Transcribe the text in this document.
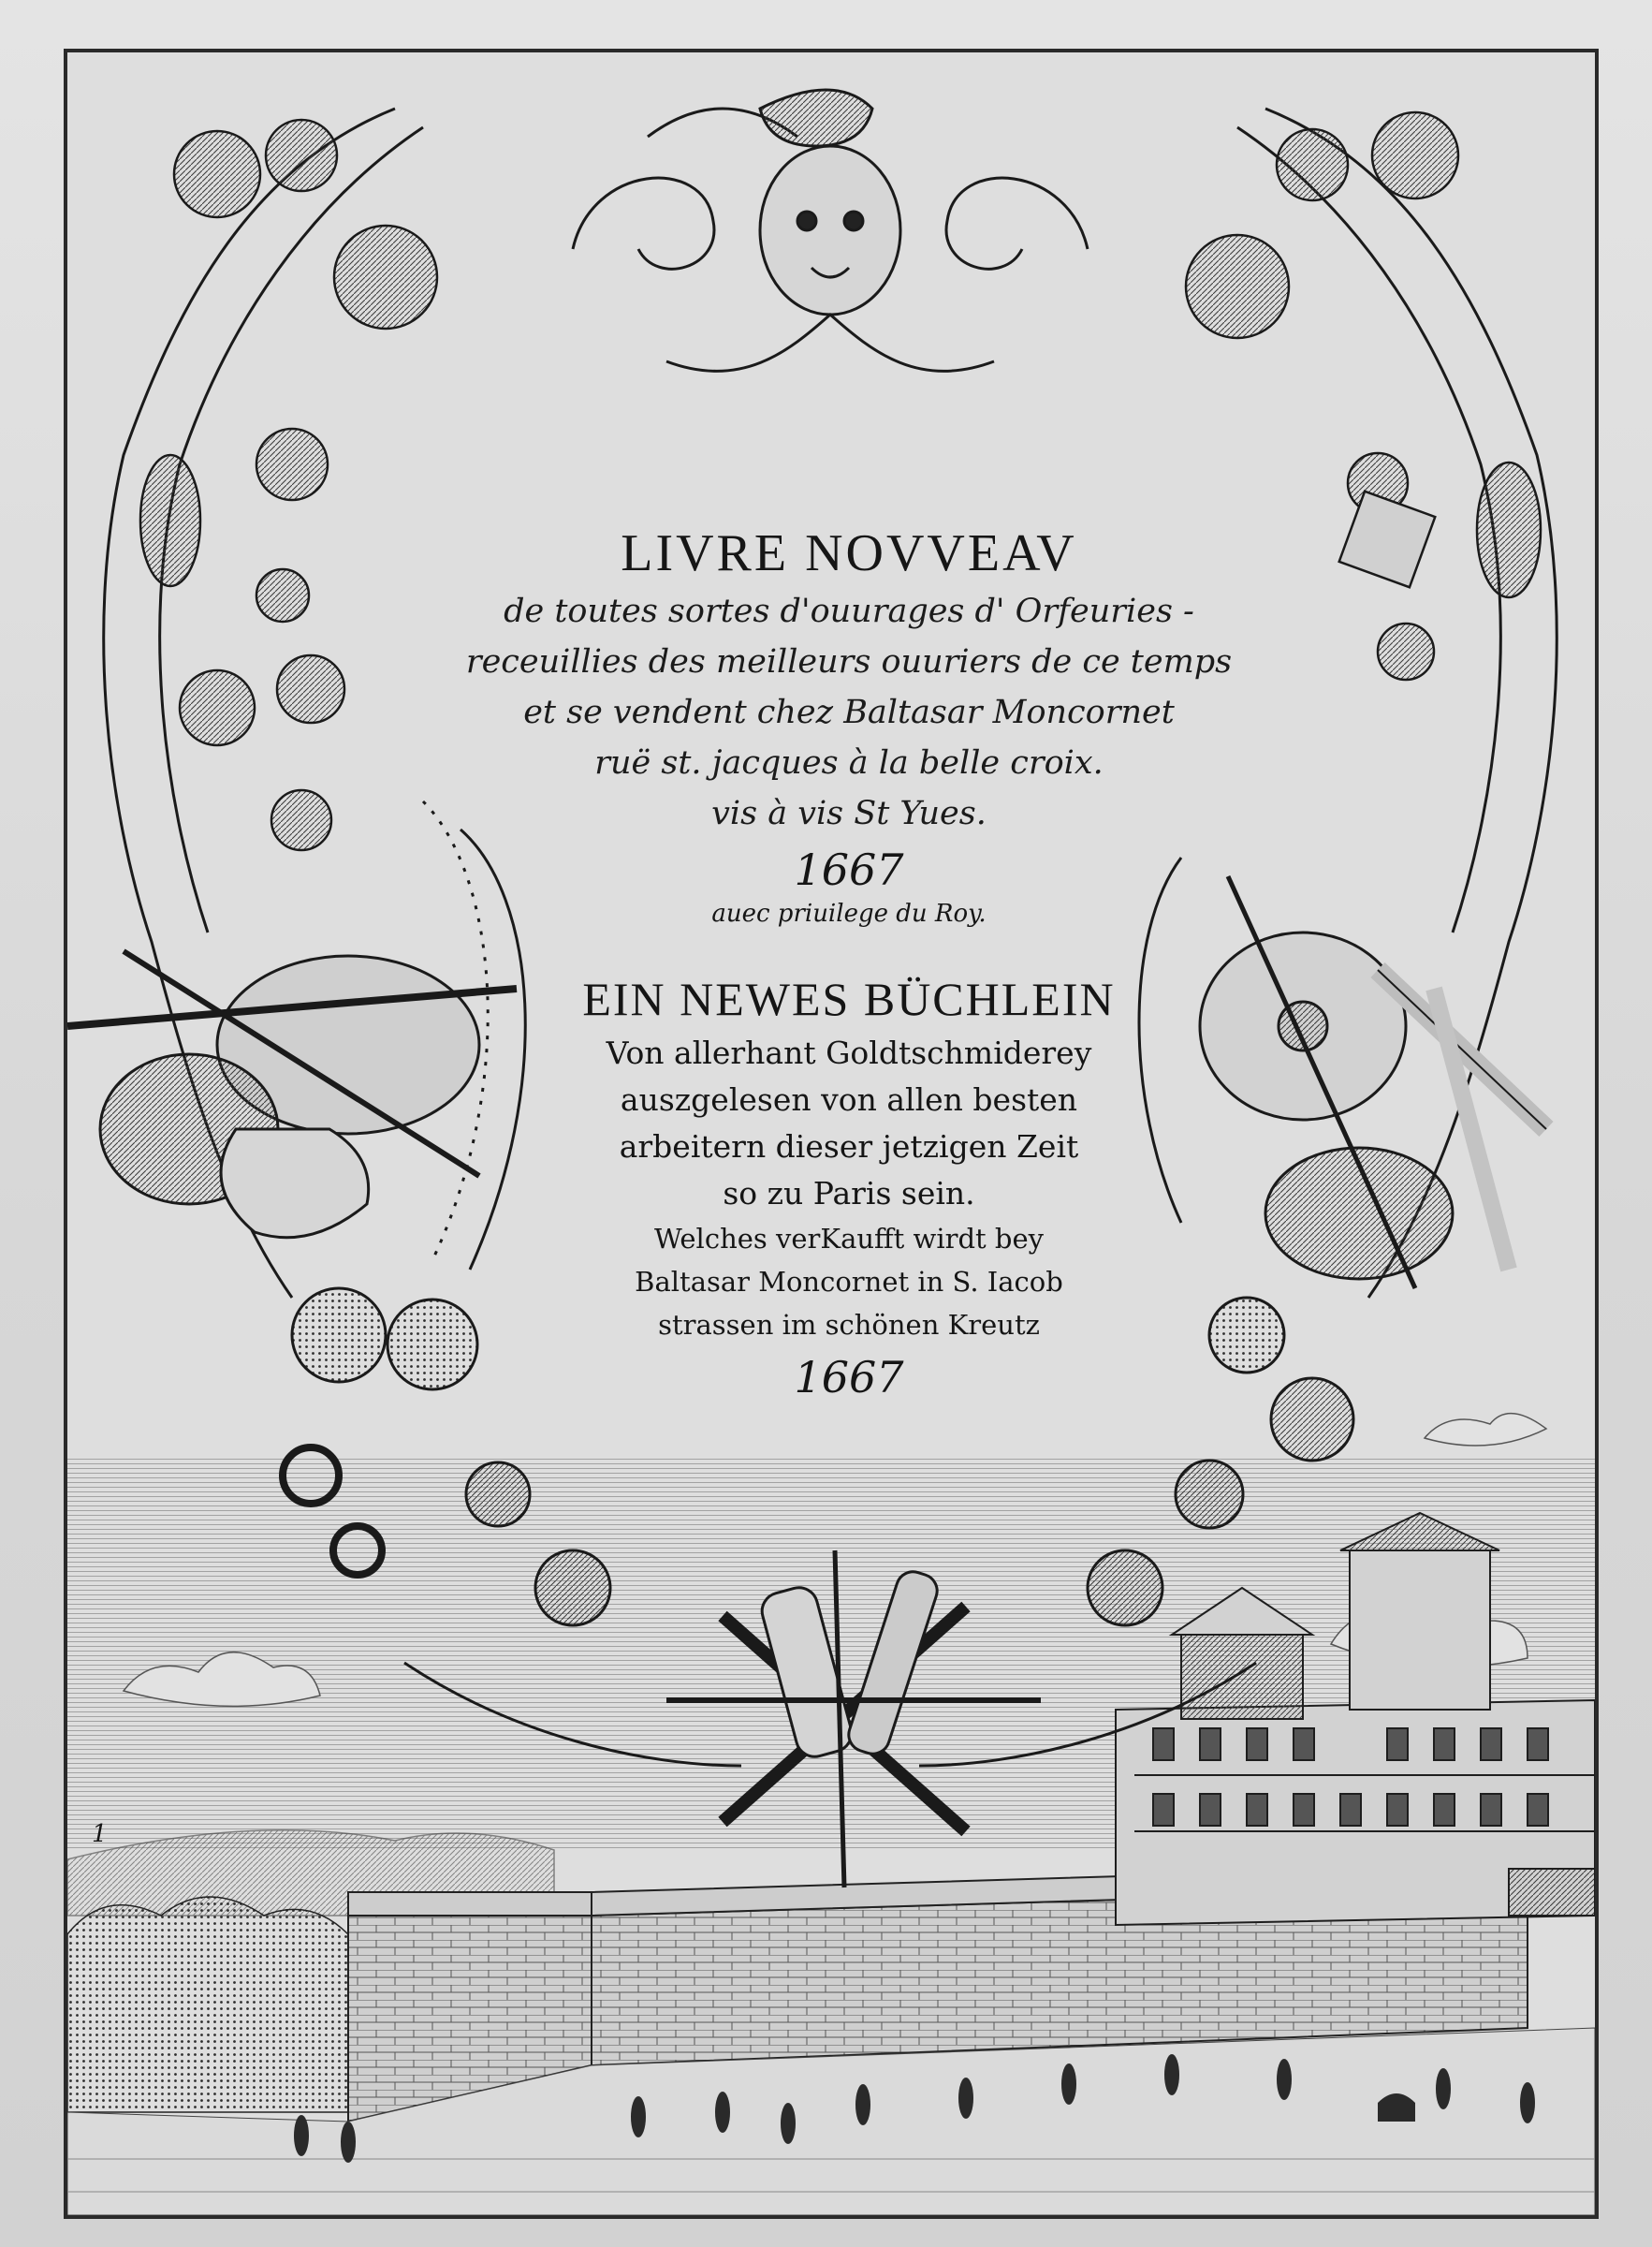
LIVRE NOVVEAV

de toutes sortes d'ouurages d' Orfeuries -

receuillies des meilleurs ouuriers de ce temps

et se vendent chez Baltasar Moncornet

ruë st. jacques à la belle croix.

vis à vis St Yues.

1667

auec priuilege du Roy.

EIN NEWES BÜCHLEIN

Von allerhant Goldtschmiderey

auszgelesen von allen besten

arbeitern dieser jetzigen Zeit

so zu Paris sein.

Welches verKaufft wirdt bey

Baltasar Moncornet in S. Iacob

strassen im schönen Kreutz

1667

1
